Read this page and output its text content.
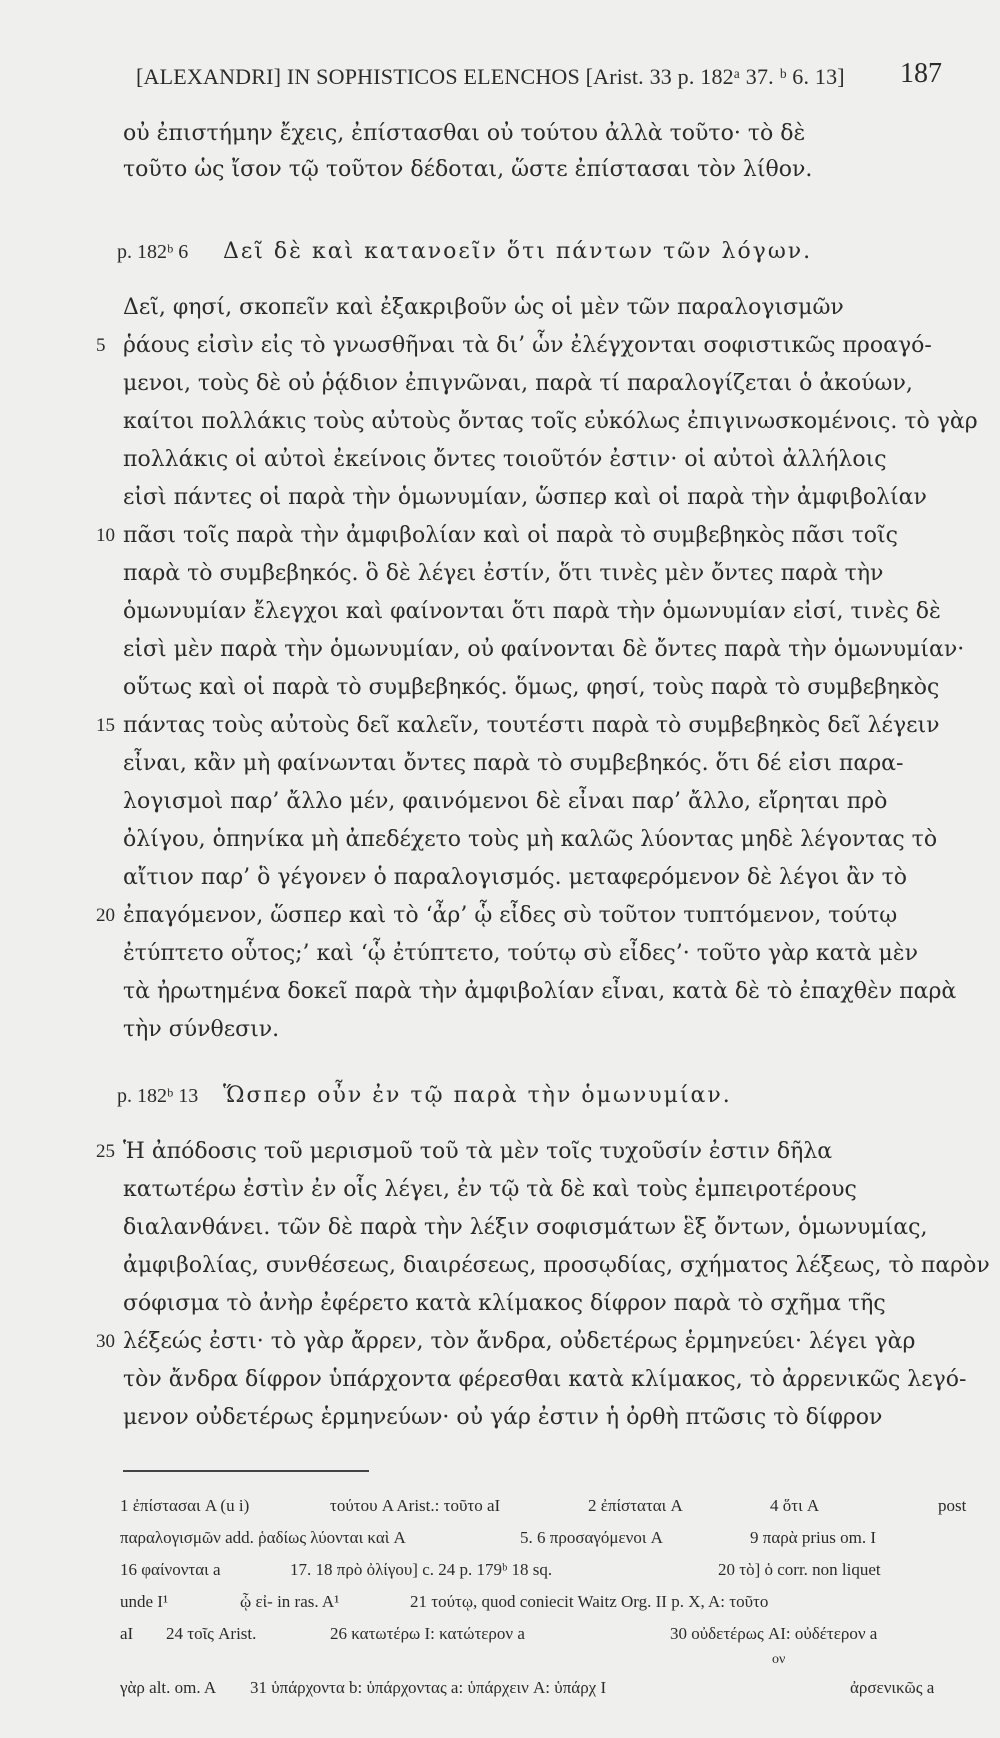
[ALEXANDRI] IN SOPHISTICOS ELENCHOS [Arist. 33 p. 182ᵃ 37. ᵇ 6. 13] 187
οὐ ἐπιστήμην ἔχεις, ἐπίστασθαι οὐ τούτου ἀλλὰ τοῦτο· τὸ δὲ
τοῦτο ὡς ἴσον τῷ τοῦτον δέδοται, ὥστε ἐπίστασαι τὸν λίθον.
p. 182ᵇ 6 Δεῖ δὲ καὶ κατανοεῖν ὅτι πάντων τῶν λόγων.
Δεῖ, φησί, σκοπεῖν καὶ ἐξακριβοῦν ὡς οἱ μὲν τῶν παραλογισμῶν
5 ῥάους εἰσὶν εἰς τὸ γνωσθῆναι τὰ δι’ ὧν ἐλέγχονται σοφιστικῶς προαγό-
μενοι, τοὺς δὲ οὐ ῥᾴδιον ἐπιγνῶναι, παρὰ τί παραλογίζεται ὁ ἀκούων,
καίτοι πολλάκις τοὺς αὐτοὺς ὄντας τοῖς εὐκόλως ἐπιγινωσκομένοις. τὸ γὰρ
πολλάκις οἱ αὐτοὶ ἐκείνοις ὄντες τοιοῦτόν ἐστιν· οἱ αὐτοὶ ἀλλήλοις
εἰσὶ πάντες οἱ παρὰ τὴν ὁμωνυμίαν, ὥσπερ καὶ οἱ παρὰ τὴν ἀμφιβολίαν
10 πᾶσι τοῖς παρὰ τὴν ἀμφιβολίαν καὶ οἱ παρὰ τὸ συμβεβηκὸς πᾶσι τοῖς
παρὰ τὸ συμβεβηκός. ὃ δὲ λέγει ἐστίν, ὅτι τινὲς μὲν ὄντες παρὰ τὴν
ὁμωνυμίαν ἔλεγχοι καὶ φαίνονται ὅτι παρὰ τὴν ὁμωνυμίαν εἰσί, τινὲς δὲ
εἰσὶ μὲν παρὰ τὴν ὁμωνυμίαν, οὐ φαίνονται δὲ ὄντες παρὰ τὴν ὁμωνυμίαν·
οὕτως καὶ οἱ παρὰ τὸ συμβεβηκός. ὅμως, φησί, τοὺς παρὰ τὸ συμβεβηκὸς
15 πάντας τοὺς αὐτοὺς δεῖ καλεῖν, τουτέστι παρὰ τὸ συμβεβηκὸς δεῖ λέγειν
εἶναι, κἂν μὴ φαίνωνται ὄντες παρὰ τὸ συμβεβηκός. ὅτι δέ εἰσι παρα-
λογισμοὶ παρ’ ἄλλο μέν, φαινόμενοι δὲ εἶναι παρ’ ἄλλο, εἴρηται πρὸ
ὀλίγου, ὁπηνίκα μὴ ἀπεδέχετο τοὺς μὴ καλῶς λύοντας μηδὲ λέγοντας τὸ
αἴτιον παρ’ ὃ γέγονεν ὁ παραλογισμός. μεταφερόμενον δὲ λέγοι ἂν τὸ
20 ἐπαγόμενον, ὥσπερ καὶ τὸ ‘ἆρ’ ᾧ εἶδες σὺ τοῦτον τυπτόμενον, τούτῳ
ἐτύπτετο οὗτος;’ καὶ ‘ᾧ ἐτύπτετο, τούτῳ σὺ εἶδες’· τοῦτο γὰρ κατὰ μὲν
τὰ ἠρωτημένα δοκεῖ παρὰ τὴν ἀμφιβολίαν εἶναι, κατὰ δὲ τὸ ἐπαχθὲν παρὰ
τὴν σύνθεσιν.
p. 182ᵇ 13 Ὥσπερ οὖν ἐν τῷ παρὰ τὴν ὁμωνυμίαν.
25 Ἡ ἀπόδοσις τοῦ μερισμοῦ τοῦ τὰ μὲν τοῖς τυχοῦσίν ἐστιν δῆλα
κατωτέρω ἐστὶν ἐν οἷς λέγει, ἐν τῷ τὰ δὲ καὶ τοὺς ἐμπειροτέρους
διαλανθάνει. τῶν δὲ παρὰ τὴν λέξιν σοφισμάτων ἓξ ὄντων, ὁμωνυμίας,
ἀμφιβολίας, συνθέσεως, διαιρέσεως, προσῳδίας, σχήματος λέξεως, τὸ παρὸν
σόφισμα τὸ ἀνὴρ ἐφέρετο κατὰ κλίμακος δίφρον παρὰ τὸ σχῆμα τῆς
30 λέξεώς ἐστι· τὸ γὰρ ἄρρεν, τὸν ἄνδρα, οὐδετέρως ἑρμηνεύει· λέγει γὰρ
1 ἐπίστασαι A (u i)	τούτου A Arist.: τοῦτο aI	2 ἐπίσταται A	4 ὅτι A	post
παραλογισμῶν add. ῥαδίως λύονται καὶ A	5. 6 προσαγόμενοι A	9 παρὰ prius om. I
16 φαίνονται a	17. 18 πρὸ ὀλίγου] c. 24 p. 179ᵇ 18 sq.	20 τὸ] ὁ corr. non liquet
unde I¹	ᾧ εἰ- in ras. A¹	21 τούτῳ, quod coniecit Waitz Org. II p. X, A: τοῦτο
aI 24 τοῖς Arist.	26 κατωτέρω I: κατώτερον a	30 οὐδετέρως AI: οὐδέτερον a
ον
γὰρ alt. om. A 31 ὑπάρχοντα b: ὑπάρχοντας a: ὑπάρχειν A: ὑπάρχ I	ἀρσενικῶς a
τὸν ἄνδρα δίφρον ὑπάρχοντα φέρεσθαι κατὰ κλίμακος, τὸ ἀρρενικῶς λεγό-
μενον οὐδετέρως ἑρμηνεύων· οὐ γάρ ἐστιν ἡ ὀρθὴ πτῶσις τὸ δίφρον
